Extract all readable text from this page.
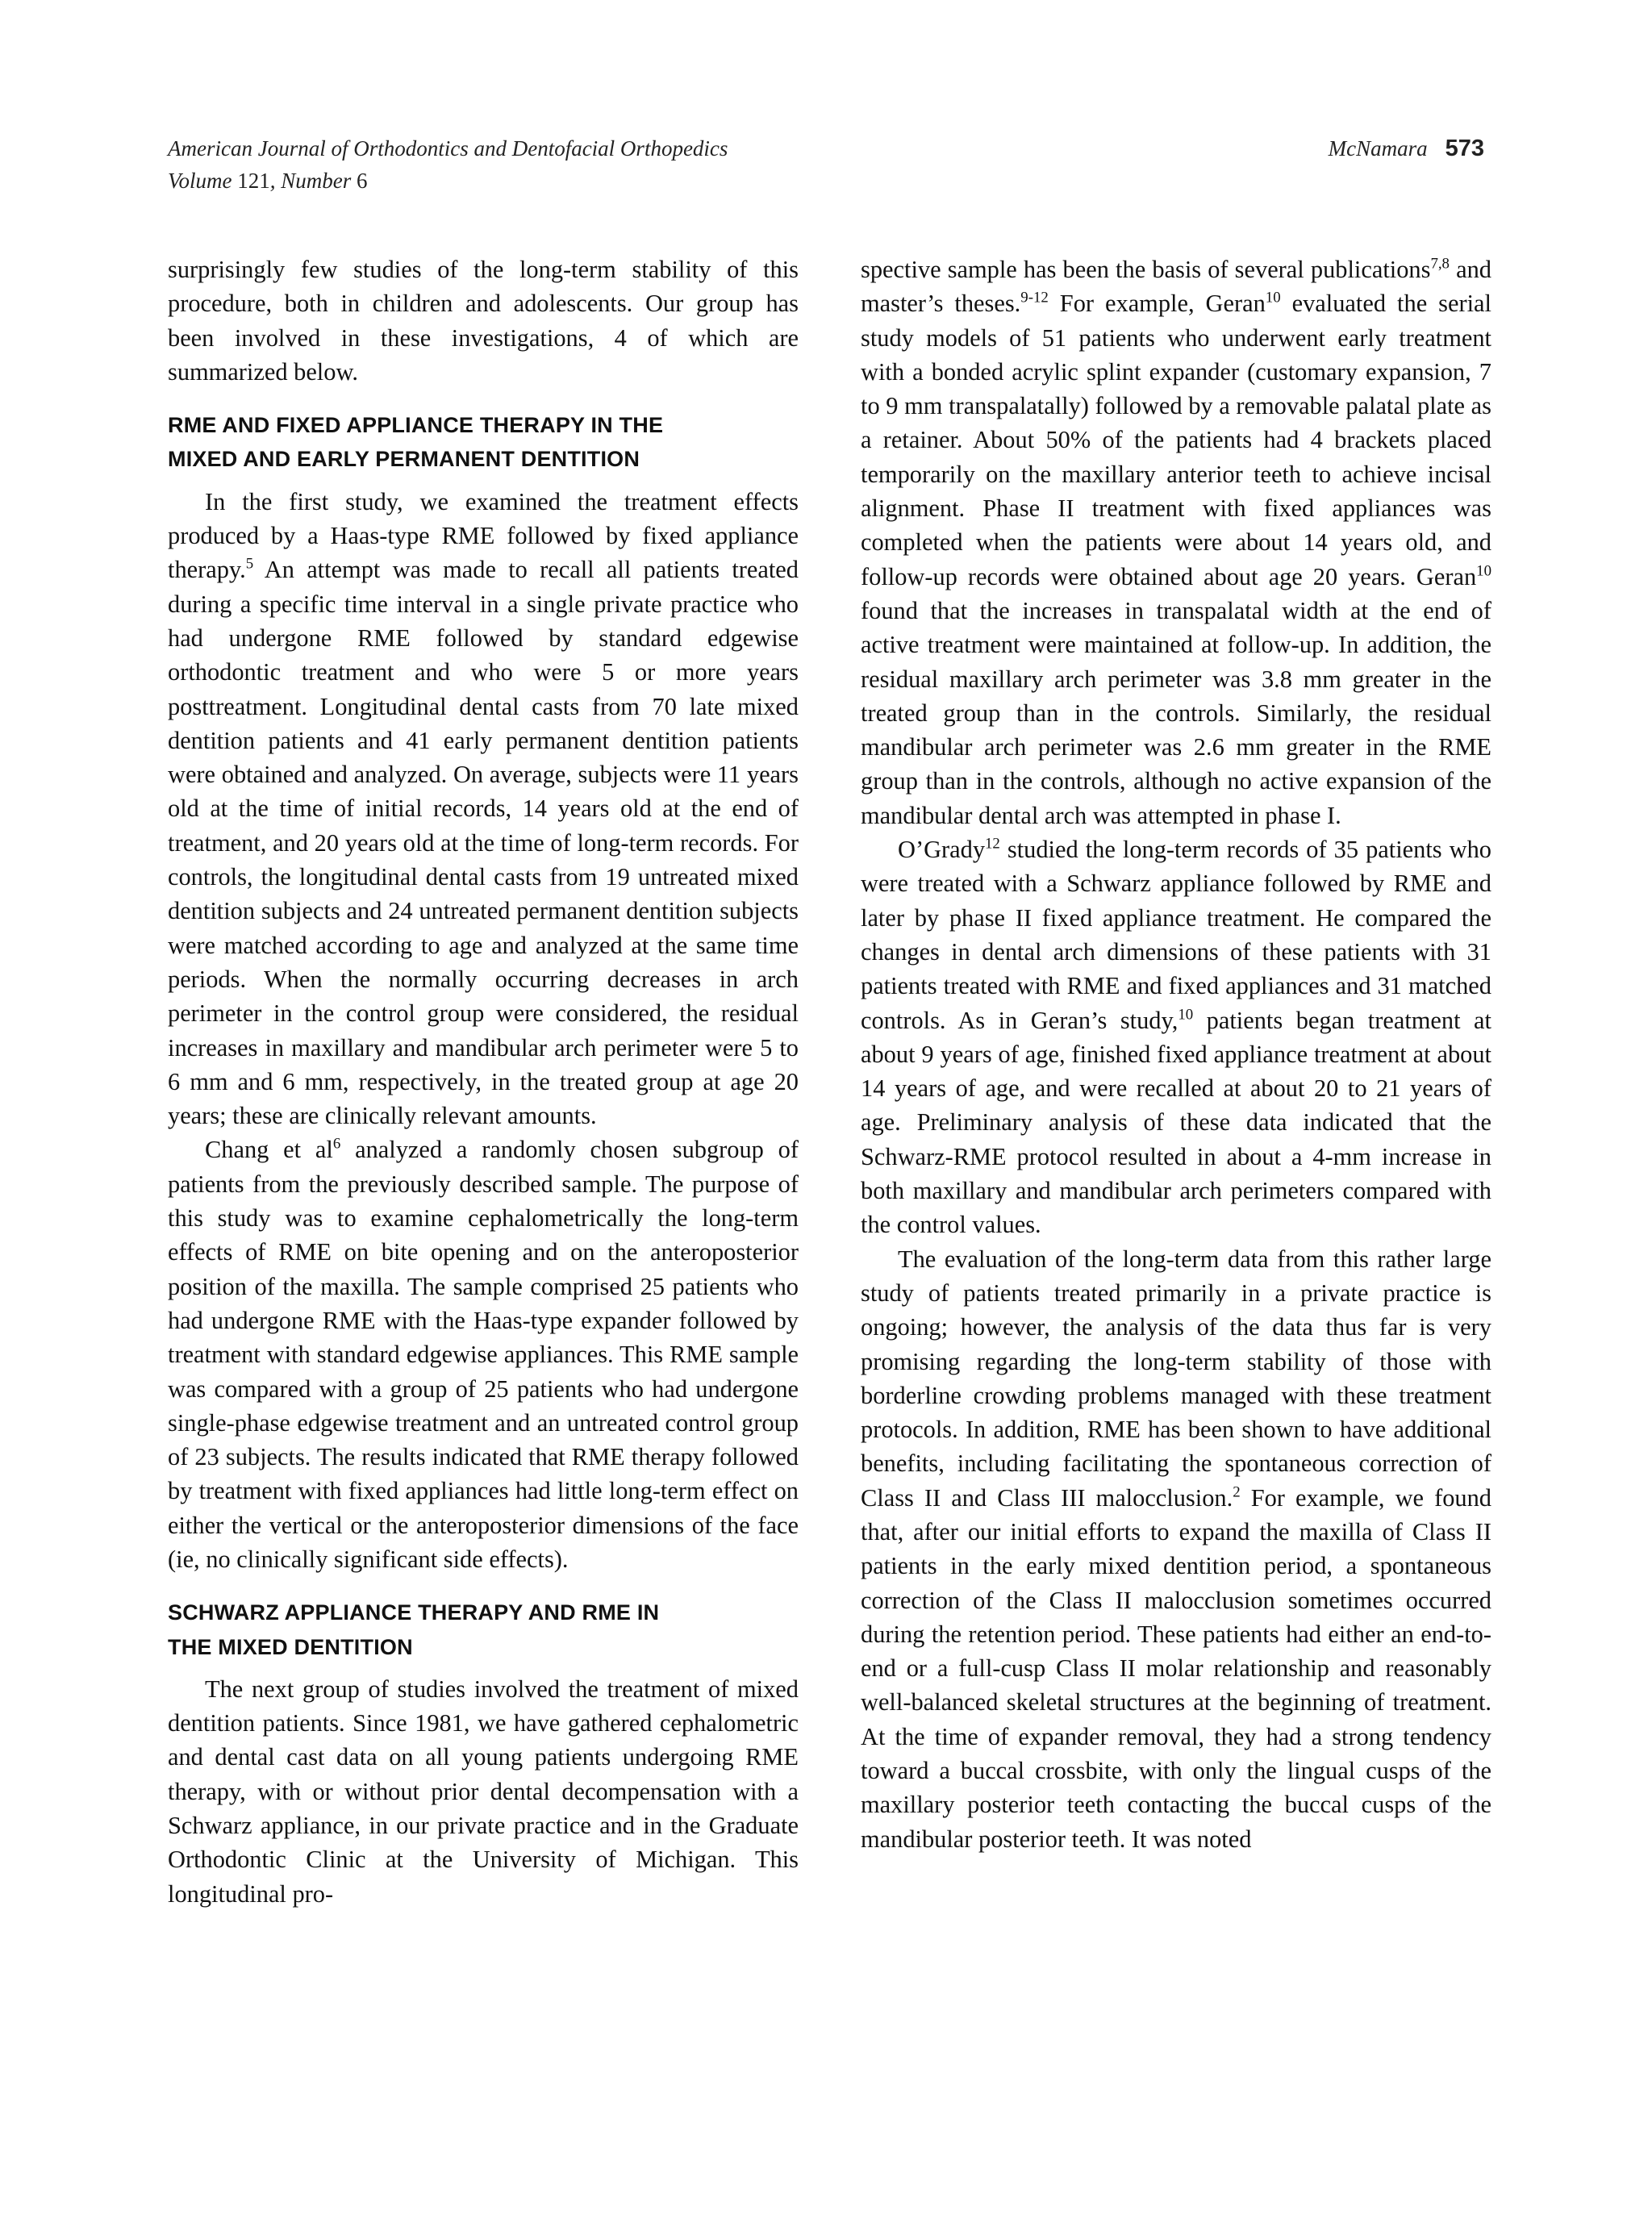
American Journal of Orthodontics and Dentofacial Orthopedics
Volume 121, Number 6
McNamara 573

surprisingly few studies of the long-term stability of this procedure, both in children and adolescents. Our group has been involved in these investigations, 4 of which are summarized below.

RME AND FIXED APPLIANCE THERAPY IN THE
MIXED AND EARLY PERMANENT DENTITION

In the first study, we examined the treatment effects produced by a Haas-type RME followed by fixed appliance therapy.$^5$ An attempt was made to recall all patients treated during a specific time interval in a single private practice who had undergone RME followed by standard edgewise orthodontic treatment and who were 5 or more years posttreatment. Longitudinal dental casts from 70 late mixed dentition patients and 41 early permanent dentition patients were obtained and analyzed. On average, subjects were 11 years old at the time of initial records, 14 years old at the end of treatment, and 20 years old at the time of long-term records. For controls, the longitudinal dental casts from 19 untreated mixed dentition subjects and 24 untreated permanent dentition subjects were matched according to age and analyzed at the same time periods. When the normally occurring decreases in arch perimeter in the control group were considered, the residual increases in maxillary and mandibular arch perimeter were 5 to 6 mm and 6 mm, respectively, in the treated group at age 20 years; these are clinically relevant amounts.

Chang et $al^6$ analyzed a randomly chosen subgroup of patients from the previously described sample. The purpose of this study was to examine cephalometrically the long-term effects of RME on bite opening and on the anteroposterior position of the maxilla. The sample comprised 25 patients who had undergone RME with the Haas-type expander followed by treatment with standard edgewise appliances. This RME sample was compared with a group of 25 patients who had undergone single-phase edgewise treatment and an untreated control group of 23 subjects. The results indicated that RME therapy followed by treatment with fixed appliances had little long-term effect on either the vertical or the anteroposterior dimensions of the face (ie, no clinically significant side effects).

SCHWARZ APPLIANCE THERAPY AND RME IN
THE MIXED DENTITION

The next group of studies involved the treatment of mixed dentition patients. Since 1981, we have gathered cephalometric and dental cast data on all young patients undergoing RME therapy, with or without prior dental decompensation with a Schwarz appliance, in our private practice and in the Graduate Orthodontic Clinic at the University of Michigan. This longitudinal pro-

spective sample has been the basis of several publications$^{7,8}$ and master’s theses.$^{9-12}$ For example, Geran$^{10}$ evaluated the serial study models of 51 patients who underwent early treatment with a bonded acrylic splint expander (customary expansion, 7 to 9 mm transpalatally) followed by a removable palatal plate as a retainer. About 50% of the patients had 4 brackets placed temporarily on the maxillary anterior teeth to achieve incisal alignment. Phase II treatment with fixed appliances was completed when the patients were about 14 years old, and follow-up records were obtained about age 20 years. Geran$^{10}$ found that the increases in transpalatal width at the end of active treatment were maintained at follow-up. In addition, the residual maxillary arch perimeter was 3.8 mm greater in the treated group than in the controls. Similarly, the residual mandibular arch perimeter was 2.6 mm greater in the RME group than in the controls, although no active expansion of the mandibular dental arch was attempted in phase I.

O’Grady$^{12}$ studied the long-term records of 35 patients who were treated with a Schwarz appliance followed by RME and later by phase II fixed appliance treatment. He compared the changes in dental arch dimensions of these patients with 31 patients treated with RME and fixed appliances and 31 matched controls. As in Geran’s study,$^{10}$ patients began treatment at about 9 years of age, finished fixed appliance treatment at about 14 years of age, and were recalled at about 20 to 21 years of age. Preliminary analysis of these data indicated that the Schwarz-RME protocol resulted in about a 4-mm increase in both maxillary and mandibular arch perimeters compared with the control values.

The evaluation of the long-term data from this rather large study of patients treated primarily in a private practice is ongoing; however, the analysis of the data thus far is very promising regarding the long-term stability of those with borderline crowding problems managed with these treatment protocols. In addition, RME has been shown to have additional benefits, including facilitating the spontaneous correction of Class II and Class III malocclusion.$^2$ For example, we found that, after our initial efforts to expand the maxilla of Class II patients in the early mixed dentition period, a spontaneous correction of the Class II malocclusion sometimes occurred during the retention period. These patients had either an end-to-end or a full-cusp Class II molar relationship and reasonably well-balanced skeletal structures at the beginning of treatment. At the time of expander removal, they had a strong tendency toward a buccal crossbite, with only the lingual cusps of the maxillary posterior teeth contacting the buccal cusps of the mandibular posterior teeth. It was noted
